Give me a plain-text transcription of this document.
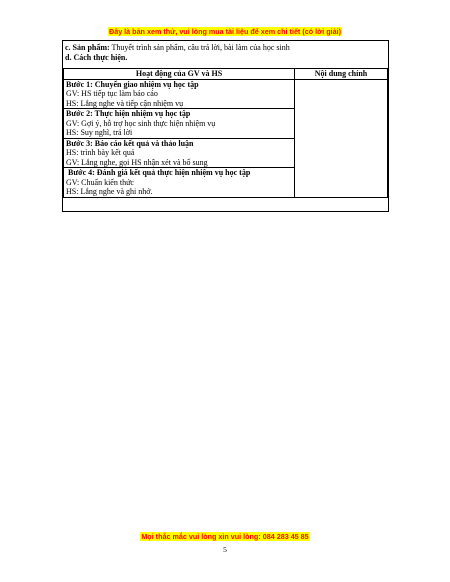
Đây là bản xem thử, vui lòng mua tài liệu để xem chi tiết (có lời giải)
c. Sản phẩm: Thuyết trình sản phẩm, câu trả lời, bài làm của học sinh
d. Cách thực hiện.
Hoạt động của GV và HS	Nội dung chính

Bước 1: Chuyển giao nhiệm vụ học tập
GV: HS tiếp tục làm báo cáo
HS: Lắng nghe và tiếp cận nhiệm vụ	

Bước 2: Thực hiện nhiệm vụ học tập
GV: Gợi ý, hỗ trợ học sinh thực hiện nhiệm vụ
HS: Suy nghĩ, trả lời	

Bước 3: Báo cáo kết quả và thảo luận
HS: trình bày kết quả
GV: Lắng nghe, gọi HS nhận xét và bổ sung	

Bước 4: Đánh giá kết quả thực hiện nhiệm vụ học tập
GV: Chuẩn kiến thức
HS: Lắng nghe và ghi nhớ.	
Mọi thắc mắc vui lòng xin vui lòng: 084 283 45 85
5
